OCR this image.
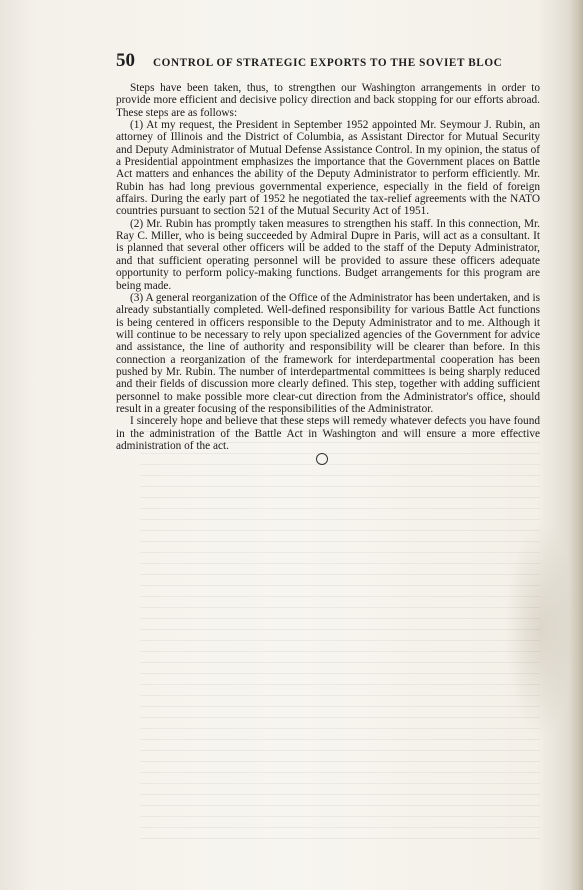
50 CONTROL OF STRATEGIC EXPORTS TO THE SOVIET BLOC

Steps have been taken, thus, to strengthen our Washington arrangements in order to provide more efficient and decisive policy direction and back stopping for our efforts abroad. These steps are as follows:

(1) At my request, the President in September 1952 appointed Mr. Seymour J. Rubin, an attorney of Illinois and the District of Columbia, as Assistant Director for Mutual Security and Deputy Administrator of Mutual Defense Assistance Control. In my opinion, the status of a Presidential appointment emphasizes the importance that the Government places on Battle Act matters and enhances the ability of the Deputy Administrator to perform efficiently. Mr. Rubin has had long previous governmental experience, especially in the field of foreign affairs. During the early part of 1952 he negotiated the tax-relief agreements with the NATO countries pursuant to section 521 of the Mutual Security Act of 1951.

(2) Mr. Rubin has promptly taken measures to strengthen his staff. In this connection, Mr. Ray C. Miller, who is being succeeded by Admiral Dupre in Paris, will act as a consultant. It is planned that several other officers will be added to the staff of the Deputy Administrator, and that sufficient operating personnel will be provided to assure these officers adequate opportunity to perform policy-making functions. Budget arrangements for this program are being made.

(3) A general reorganization of the Office of the Administrator has been undertaken, and is already substantially completed. Well-defined responsibility for various Battle Act functions is being centered in officers responsible to the Deputy Administrator and to me. Although it will continue to be necessary to rely upon specialized agencies of the Government for advice and assistance, the line of authority and responsibility will be clearer than before. In this connection a reorganization of the framework for interdepartmental cooperation has been pushed by Mr. Rubin. The number of interdepartmental committees is being sharply reduced and their fields of discussion more clearly defined. This step, together with adding sufficient personnel to make possible more clear-cut direction from the Administrator's office, should result in a greater focusing of the responsibilities of the Administrator.

I sincerely hope and believe that these steps will remedy whatever defects you have found in the administration of the Battle Act in Washington and will ensure a more effective administration of the act.
